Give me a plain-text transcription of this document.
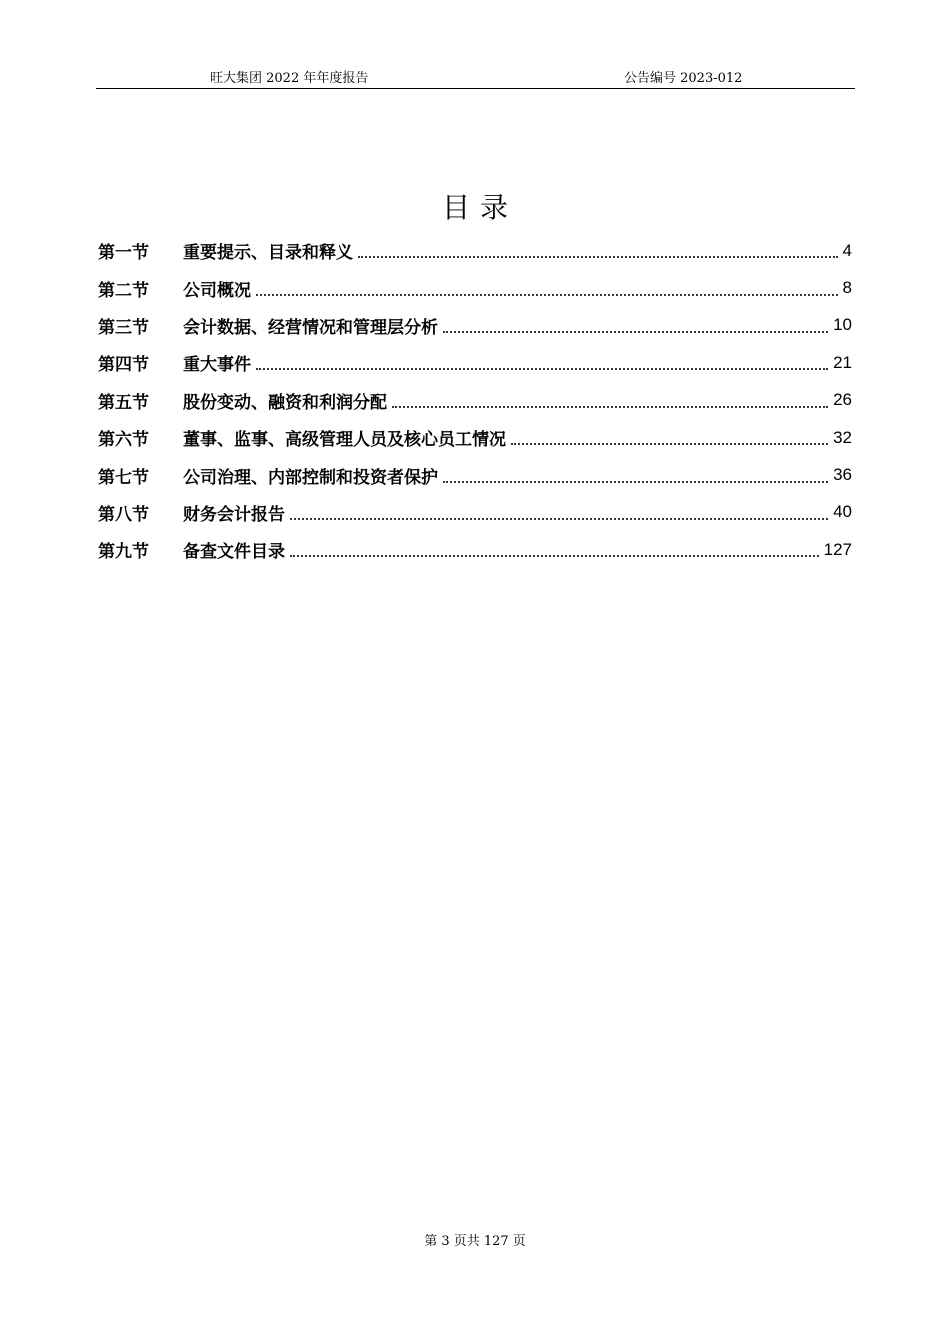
旺大集团 2022 年年度报告	公告编号 2023-012
目录
第一节	重要提示、目录和释义	4
第二节	公司概况	8
第三节	会计数据、经营情况和管理层分析	10
第四节	重大事件	21
第五节	股份变动、融资和利润分配	26
第六节	董事、监事、高级管理人员及核心员工情况	32
第七节	公司治理、内部控制和投资者保护	36
第八节	财务会计报告	40
第九节	备查文件目录	127
第 3 页共 127 页
